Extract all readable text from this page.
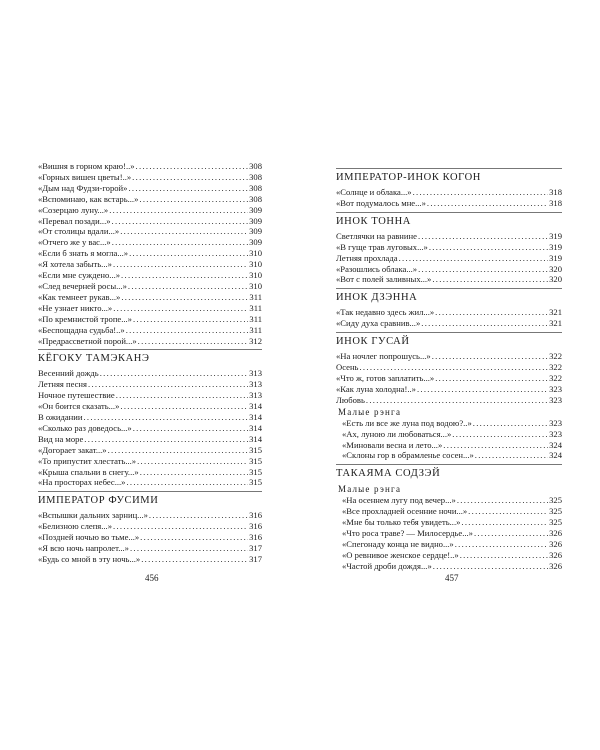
«Вишня в горном краю!..» .....	308
«Горных вишен цветы!..» .....	308
«Дым над Фудзи-горой» .....	308
«Вспоминаю, как встарь...» .....	308
«Созерцаю луну...» .....	309
«Перевал позади...» .....	309
«От столицы вдали...» .....	309
«Отчего же у вас...» .....	309
«Если б знать я могла...» .....	310
«Я хотела забыть...» .....	310
«Если мне суждено...» .....	310
«След вечерней росы...» .....	310
«Как темнеет рукав...» .....	311
«Не узнает никто...» .....	311
«По кремнистой тропе...» .....	311
«Беспощадна судьба!..» .....	311
«Предрассветной порой...» .....	312
КЁГОКУ ТАМЭКАНЭ
Весенний дождь .....	313
Летняя песня .....	313
Ночное путешествие .....	313
«Он боится сказать...» .....	314
В ожидании .....	314
«Сколько раз доведось...» .....	314
Вид на море .....	314
«Догорает закат...» .....	315
«То припустит хлестать...» .....	315
«Крыша спальни в снегу...» .....	315
«На просторах небес...» .....	315
ИМПЕРАТОР ФУСИМИ
«Вспышки дальних зарниц...» .....	316
«Белизною слепя...» .....	316
«Поздней ночью во тьме...» .....	316
«Я всю ночь напролет...» .....	317
«Будь со мной в эту ночь...» .....	317
456
ИМПЕРАТОР-ИНОК КОГОН
«Солнце и облака...» .....	318
«Вот подумалось мне...» .....	318
ИНОК ТОННА
Светлячки на равнине .....	319
«В гуще трав луговых...» .....	319
Летняя прохлада .....	319
«Разошлись облака...» .....	320
«Вот с полей заливных...» .....	320
ИНОК ДЗЭННА
«Так недавно здесь жил...» .....	321
«Сиду духа сравнив...» .....	321
ИНОК ГУСАЙ
«На ночлег попрошусь...» .....	322
Осень .....	322
«Что ж, готов заплатить...» .....	322
«Как луна холодна!..» .....	323
Любовь .....	323
Малые рэнга
«Есть ли все же луна под водою?..» .....	323
«Ах, луною ли любоваться...» .....	323
«Миновали весна и лето...» .....	324
«Склоны гор в обрамленье сосен...» .....	324
ТАКАЯМА СОДЗЭЙ
Малые рэнга
«На осеннем лугу под вечер...» .....	325
«Все прохладней осенние ночи...» .....	325
«Мне бы только тебя увидеть...» .....	325
«Что роса траве? — Милосердье...» .....	326
«Спегонаду конца не видно...» .....	326
«О ревнивое женское сердце!..» .....	326
«Частой дроби дождя...» .....	326
457
